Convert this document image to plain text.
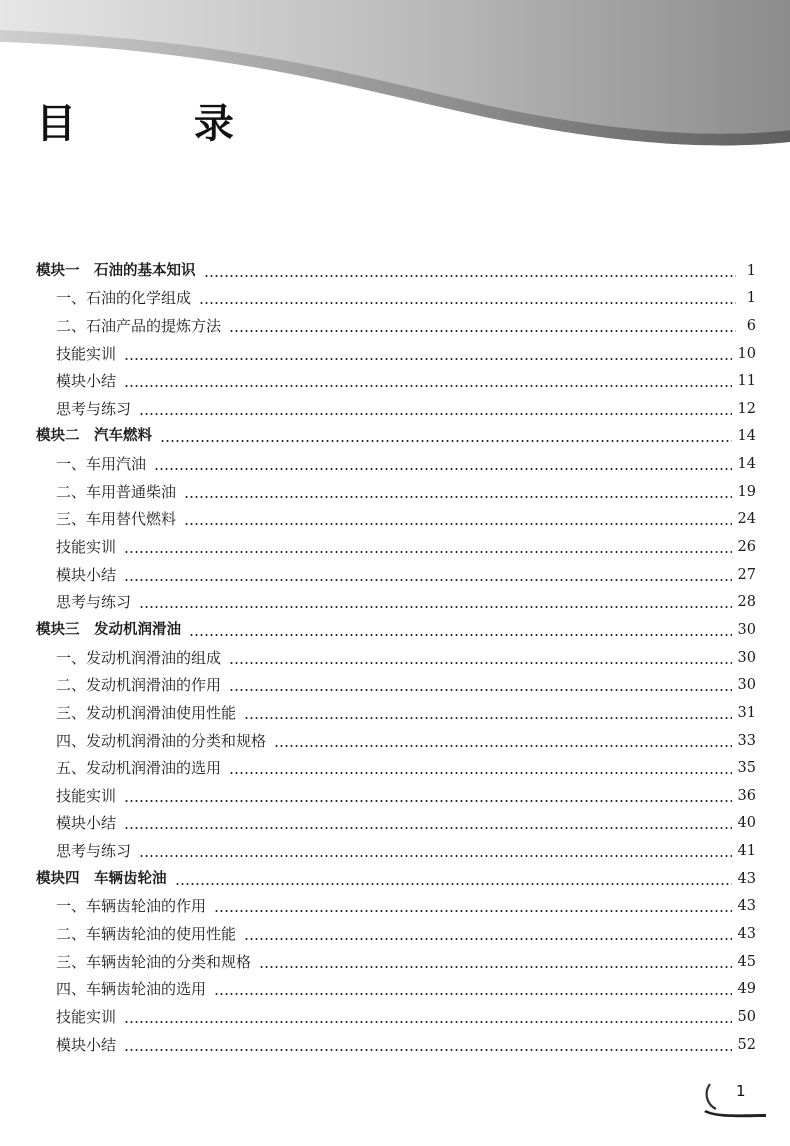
目 录
模块一　石油的基本知识	1
一、石油的化学组成	1
二、石油产品的提炼方法	6
技能实训	10
模块小结	11
思考与练习	12
模块二　汽车燃料	14
一、车用汽油	14
二、车用普通柴油	19
三、车用替代燃料	24
技能实训	26
模块小结	27
思考与练习	28
模块三　发动机润滑油	30
一、发动机润滑油的组成	30
二、发动机润滑油的作用	30
三、发动机润滑油使用性能	31
四、发动机润滑油的分类和规格	33
五、发动机润滑油的选用	35
技能实训	36
模块小结	40
思考与练习	41
模块四　车辆齿轮油	43
一、车辆齿轮油的作用	43
二、车辆齿轮油的使用性能	43
三、车辆齿轮油的分类和规格	45
四、车辆齿轮油的选用	49
技能实训	50
模块小结	52
1
